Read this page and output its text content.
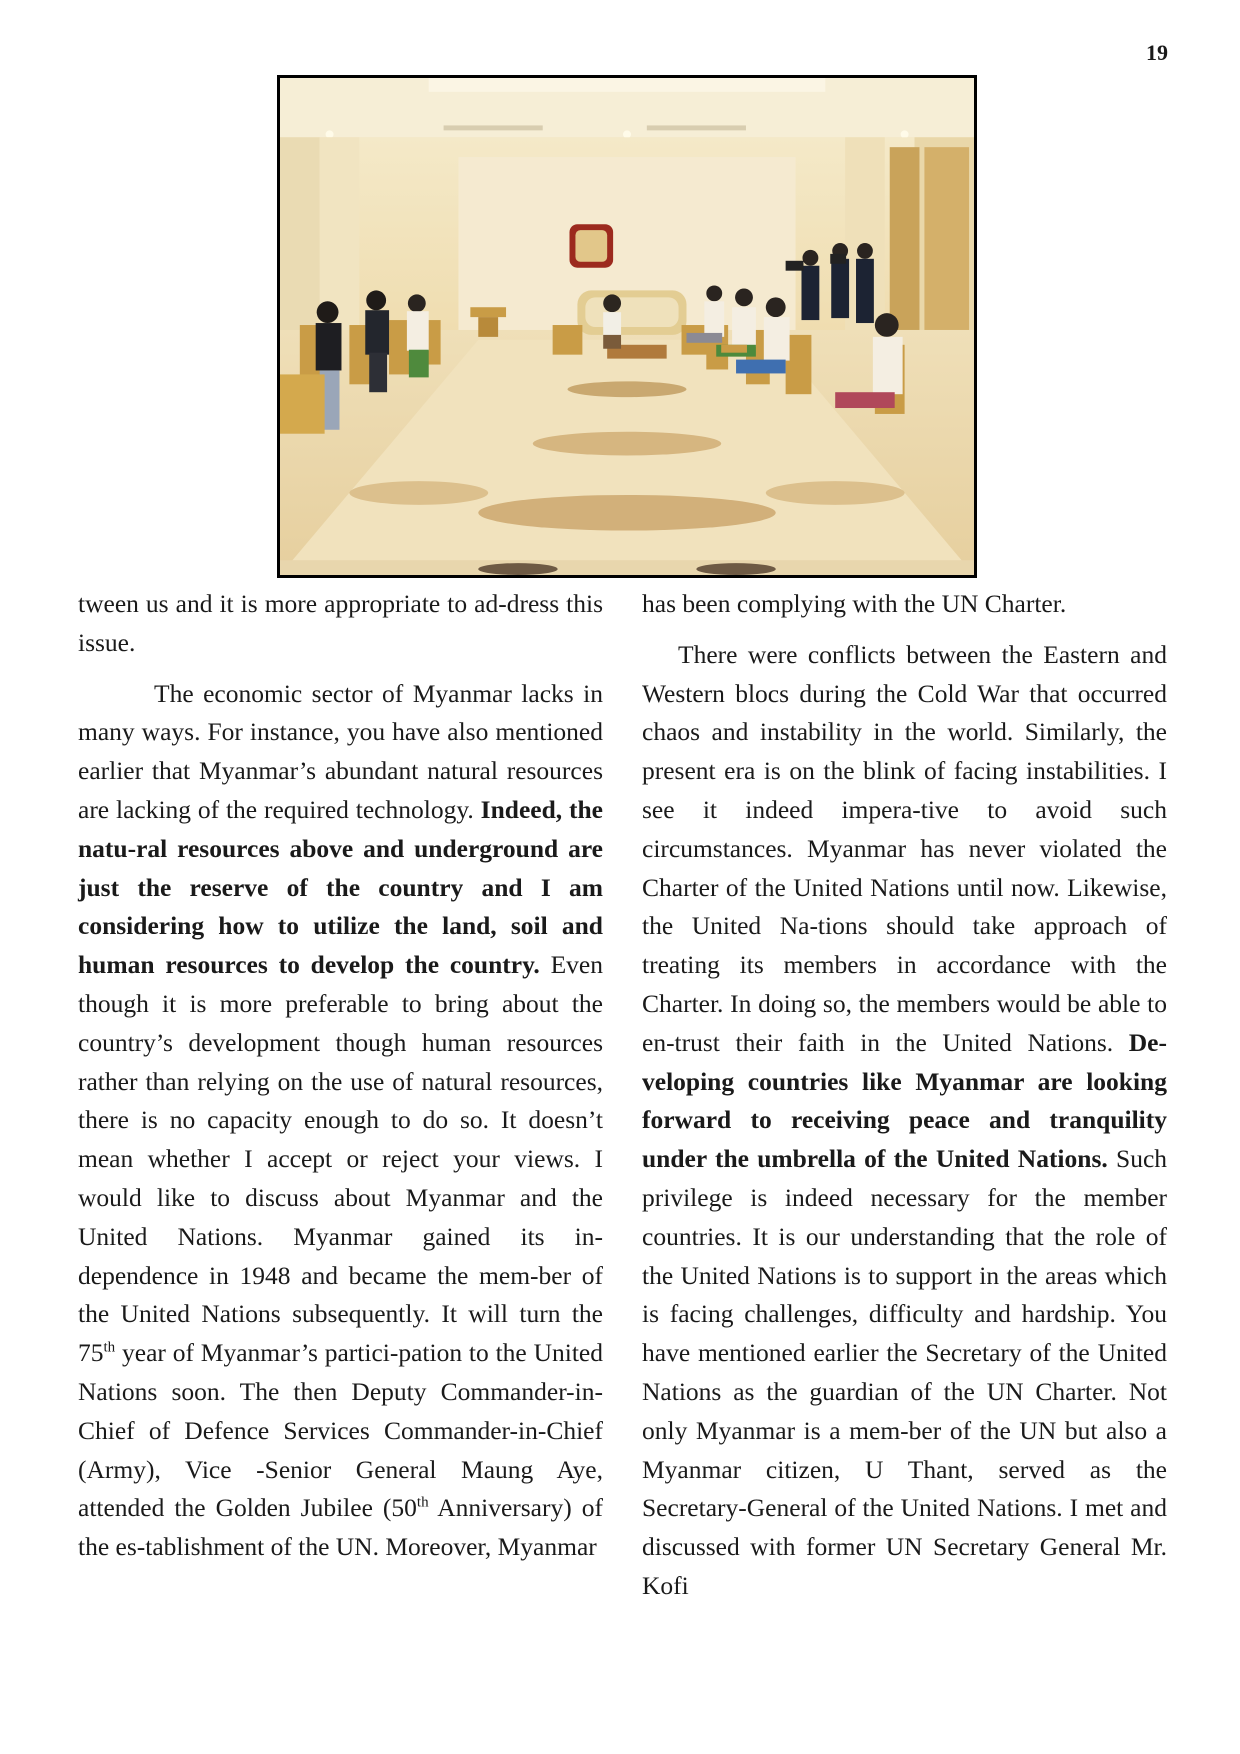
19

tween us and it is more appropriate to ad-dress this issue.

The economic sector of Myanmar lacks in many ways. For instance, you have also mentioned earlier that Myanmar’s abundant natural resources are lacking of the required technology. Indeed, the natu-ral resources above and underground are just the reserve of the country and I am considering how to utilize the land, soil and human resources to develop the country. Even though it is more preferable to bring about the country’s development though human resources rather than relying on the use of natural resources, there is no capacity enough to do so. It doesn’t mean whether I accept or reject your views. I would like to discuss about Myanmar and the United Nations. Myanmar gained its in-dependence in 1948 and became the mem-ber of the United Nations subsequently. It will turn the 75th year of Myanmar’s partici-pation to the United Nations soon. The then Deputy Commander-in-Chief of Defence Services Commander-in-Chief (Army), Vice -Senior General Maung Aye, attended the Golden Jubilee (50th Anniversary) of the es-tablishment of the UN. Moreover, Myanmar

has been complying with the UN Charter.

There were conflicts between the Eastern and Western blocs during the Cold War that occurred chaos and instability in the world. Similarly, the present era is on the blink of facing instabilities. I see it indeed impera-tive to avoid such circumstances. Myanmar has never violated the Charter of the United Nations until now. Likewise, the United Na-tions should take approach of treating its members in accordance with the Charter. In doing so, the members would be able to en-trust their faith in the United Nations. De-veloping countries like Myanmar are looking forward to receiving peace and tranquility under the umbrella of the United Nations. Such privilege is indeed necessary for the member countries. It is our understanding that the role of the United Nations is to support in the areas which is facing challenges, difficulty and hardship. You have mentioned earlier the Secretary of the United Nations as the guardian of the UN Charter. Not only Myanmar is a mem-ber of the UN but also a Myanmar citizen, U Thant, served as the Secretary-General of the United Nations. I met and discussed with former UN Secretary General Mr. Kofi
